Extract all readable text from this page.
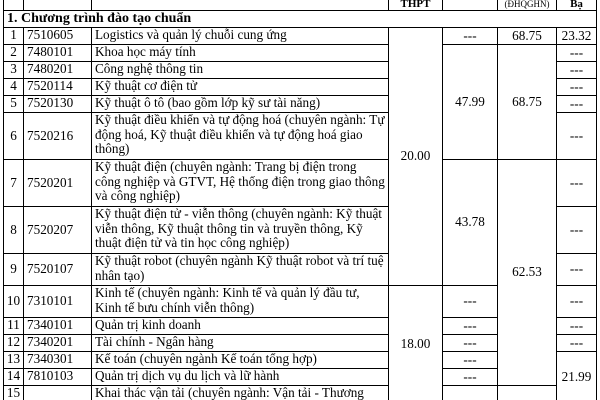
			THPT		(ĐHQGHN)	Bạ
1. Chương trình đào tạo chuẩn						
1	7510605	Logistics và quản lý chuỗi cung ứng	20.00	---	68.75	23.32
2	7480101	Khoa học máy tính		47.99	68.75	---
3	7480201	Công nghệ thông tin				---
4	7520114	Kỹ thuật cơ điện tử				---
5	7520130	Kỹ thuật ô tô (bao gồm lớp kỹ sư tài năng)				---
6	7520216	Kỹ thuật điều khiển và tự động hoá (chuyên ngành: Tự động hoá, Kỹ thuật điều khiển và tự động hoá giao thông)				---
7	7520201	Kỹ thuật điện (chuyên ngành: Trang bị điện trong công nghiệp và GTVT, Hệ thống điện trong giao thông và công nghiệp)		43.78	62.53	---
8	7520207	Kỹ thuật điện tử - viễn thông (chuyên ngành: Kỹ thuật viễn thông, Kỹ thuật thông tin và truyền thông, Kỹ thuật điện tử và tin học công nghiệp)				---
9	7520107	Kỹ thuật robot (chuyên ngành Kỹ thuật robot và trí tuệ nhân tạo)				---
10	7310101	Kinh tế (chuyên ngành: Kinh tế và quản lý đầu tư, Kinh tế bưu chính viễn thông)	18.00	---		---
11	7340101	Quản trị kinh doanh		---		---
12	7340201	Tài chính - Ngân hàng		---		---
13	7340301	Kế toán (chuyên ngành Kế toán tổng hợp)		---		21.99
14	7810103	Quản trị dịch vụ du lịch và lữ hành		---		
15		Khai thác vận tải (chuyên ngành: Vận tải - Thương				
